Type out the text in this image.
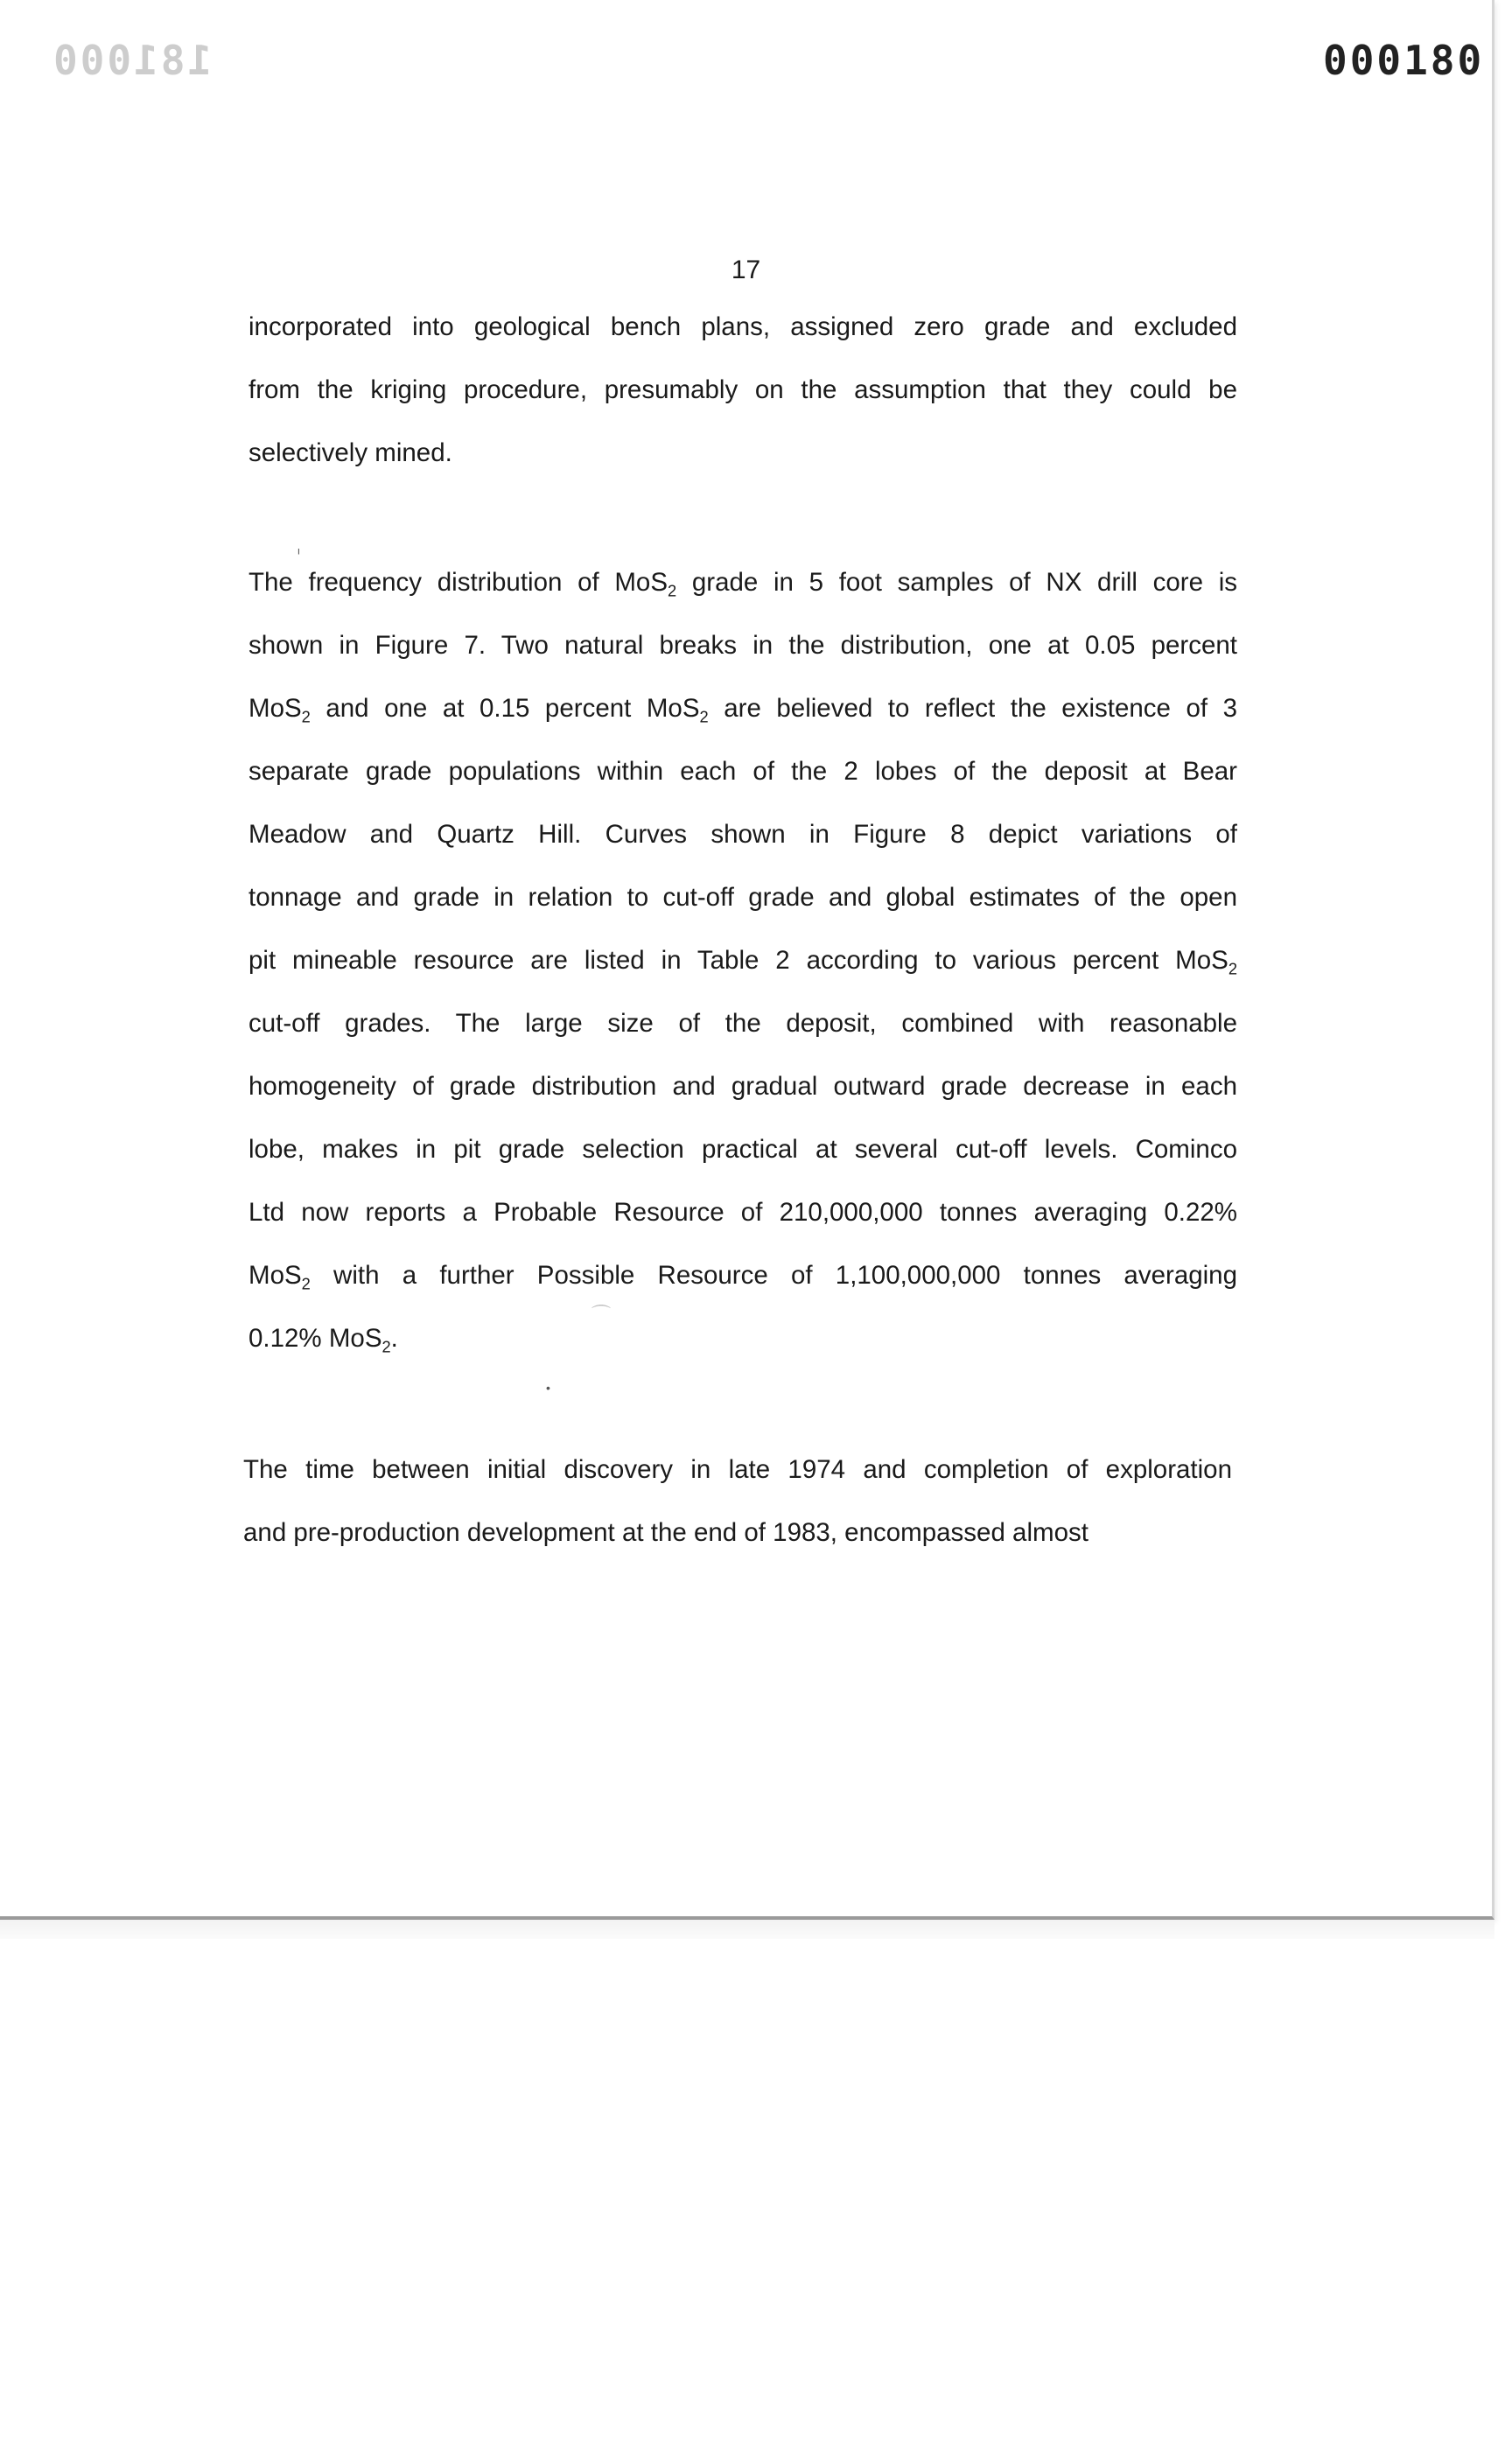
181000	000180
17

incorporated into geological bench plans, assigned zero grade and excluded
from the kriging procedure, presumably on the assumption that they could be
selectively mined.

The frequency distribution of MoS$_2$ grade in 5 foot samples of NX drill core is
shown in Figure 7. Two natural breaks in the distribution, one at 0.05 percent
MoS$_2$ and one at 0.15 percent MoS$_2$ are believed to reflect the existence of 3
separate grade populations within each of the 2 lobes of the deposit at Bear
Meadow and Quartz Hill. Curves shown in Figure 8 depict variations of
tonnage and grade in relation to cut-off grade and global estimates of the open
pit mineable resource are listed in Table 2 according to various percent MoS$_2$
cut-off grades. The large size of the deposit, combined with reasonable
homogeneity of grade distribution and gradual outward grade decrease in each
lobe, makes in pit grade selection practical at several cut-off levels. Cominco
Ltd now reports a Probable Resource of 210,000,000 tonnes averaging 0.22%
MoS$_2$ with a further Possible Resource of 1,100,000,000 tonnes averaging
0.12% MoS$_2$.

The time between initial discovery in late 1974 and completion of exploration
and pre-production development at the end of 1983, encompassed almost

ᶦ
•
⌒
